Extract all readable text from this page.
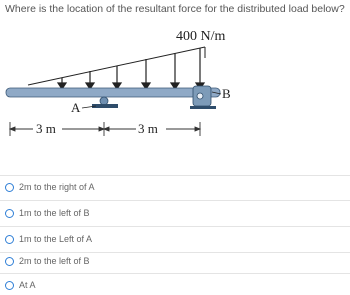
Where is the location of the resultant force for the distributed load below?
400 N/m
A
B
3 m	3 m
2m to the right of A
1m to the left of B
1m to the Left of A
2m to the left of B
At A
